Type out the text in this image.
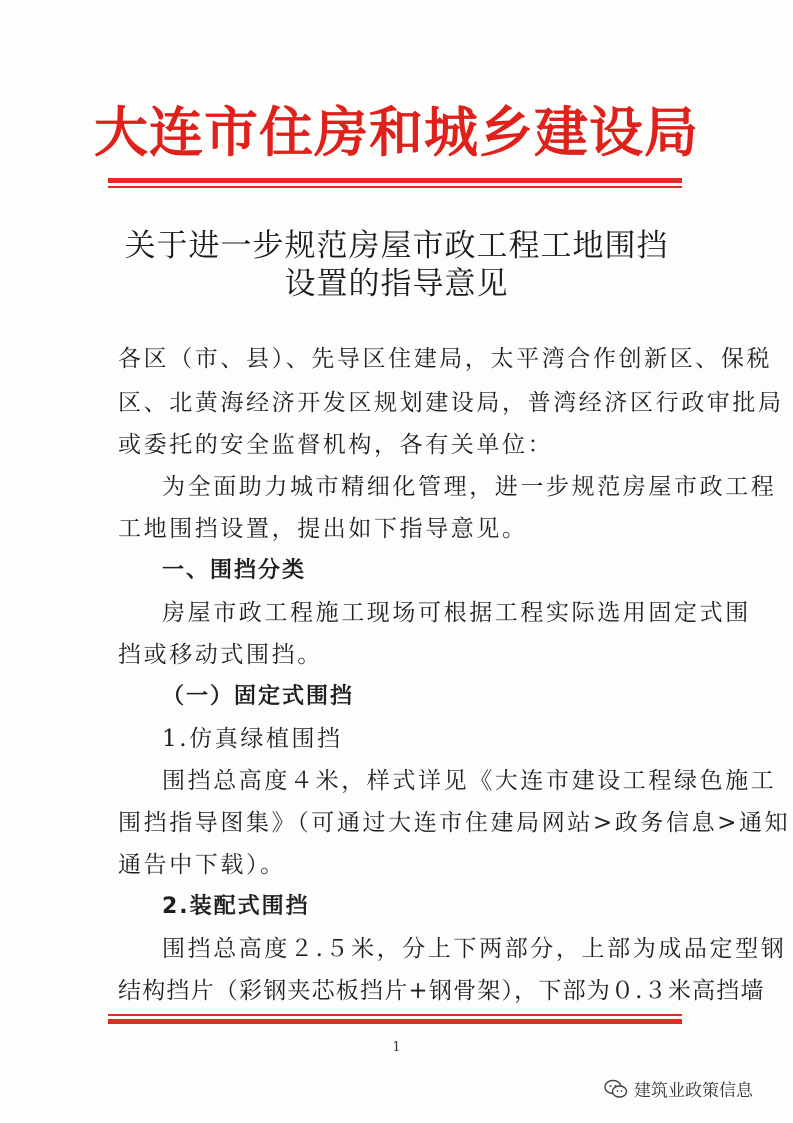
大连市住房和城乡建设局
关于进一步规范房屋市政工程工地围挡
设置的指导意见
各区（市、县）、先导区住建局，太平湾合作创新区、保税
区、北黄海经济开发区规划建设局，普湾经济区行政审批局
或委托的安全监督机构，各有关单位：
为全面助力城市精细化管理，进一步规范房屋市政工程
工地围挡设置，提出如下指导意见。
一、围挡分类
房屋市政工程施工现场可根据工程实际选用固定式围
挡或移动式围挡。
（一）固定式围挡
1.仿真绿植围挡
围挡总高度４米，样式详见《大连市建设工程绿色施工
围挡指导图集》（可通过大连市住建局网站>政务信息>通知
通告中下载）。
2.装配式围挡
围挡总高度２.５米，分上下两部分，上部为成品定型钢
结构挡片（彩钢夹芯板挡片+钢骨架），下部为０.３米高挡墙
1
建筑业政策信息
